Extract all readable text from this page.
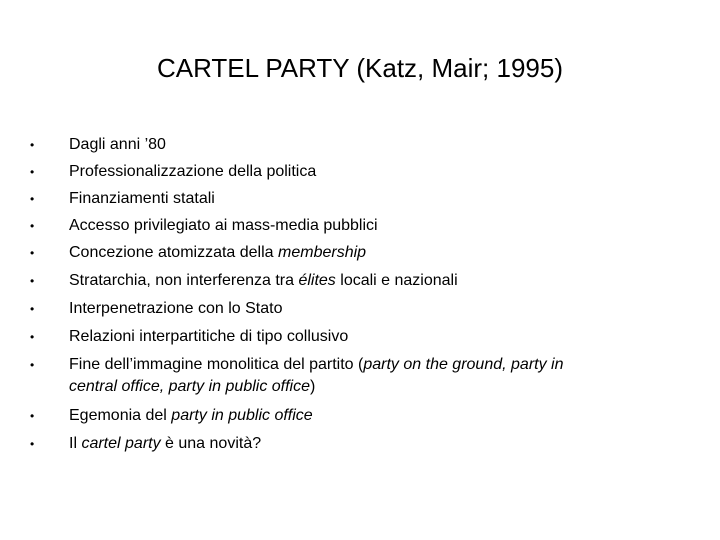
CARTEL PARTY (Katz, Mair; 1995)
•	Dagli anni ’80
•	Professionalizzazione della politica
•	Finanziamenti statali
•	Accesso privilegiato ai mass-media pubblici
•	Concezione atomizzata della membership
•	Stratarchia, non interferenza tra élites locali e nazionali
•	Interpenetrazione con lo Stato
•	Relazioni interpartitiche di tipo collusivo
•	Fine dell’immagine monolitica del partito (party on the ground, party in
central office, party in public office)
•	Egemonia del party in public office
•	Il cartel party è una novità?
